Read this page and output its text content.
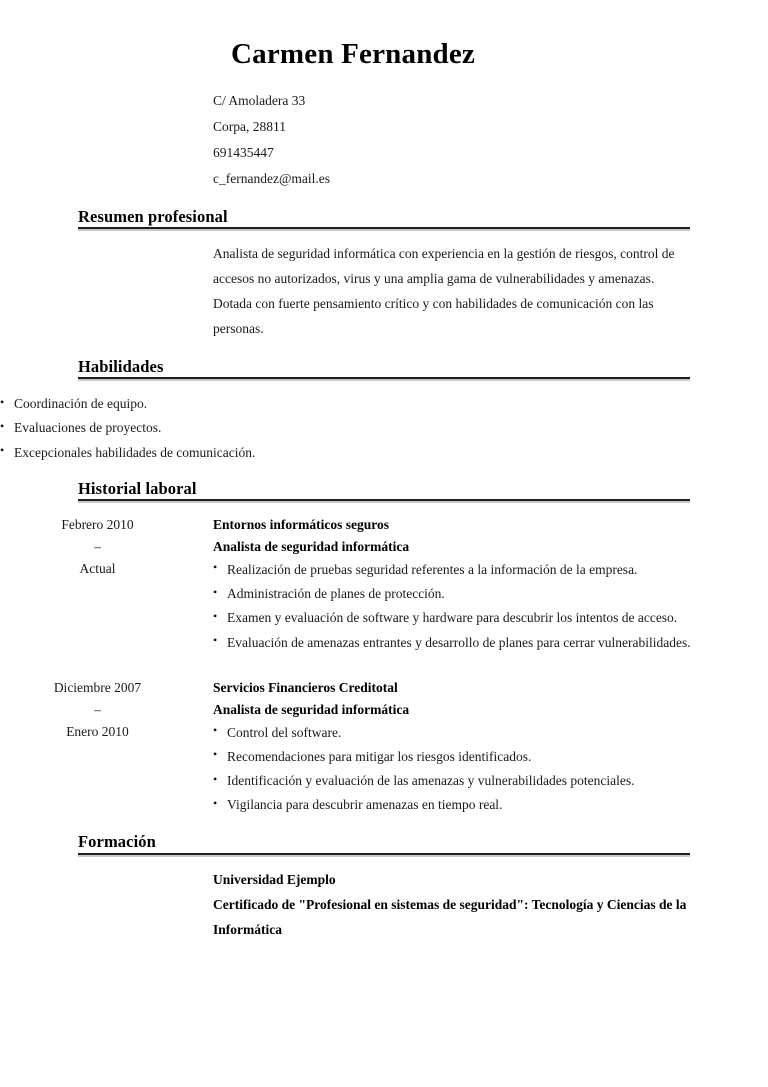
Carmen Fernandez
C/ Amoladera 33
Corpa, 28811
691435447
c_fernandez@mail.es
Resumen profesional
Analista de seguridad informática con experiencia en la gestión de riesgos, control de accesos no autorizados, virus y una amplia gama de vulnerabilidades y amenazas. Dotada con fuerte pensamiento crítico y con habilidades de comunicación con las personas.
Habilidades
• Coordinación de equipo.
• Evaluaciones de proyectos.
• Excepcionales habilidades de comunicación.
Historial laboral
Febrero 2010
–
Actual
Entornos informáticos seguros
Analista de seguridad informática
• Realización de pruebas seguridad referentes a la información de la empresa.
• Administración de planes de protección.
• Examen y evaluación de software y hardware para descubrir los intentos de acceso.
• Evaluación de amenazas entrantes y desarrollo de planes para cerrar vulnerabilidades.
Diciembre 2007
–
Enero 2010
Servicios Financieros Creditotal
Analista de seguridad informática
• Control del software.
• Recomendaciones para mitigar los riesgos identificados.
• Identificación y evaluación de las amenazas y vulnerabilidades potenciales.
• Vigilancia para descubrir amenazas en tiempo real.
Formación
Universidad Ejemplo
Certificado de "Profesional en sistemas de seguridad": Tecnología y Ciencias de la Informática
